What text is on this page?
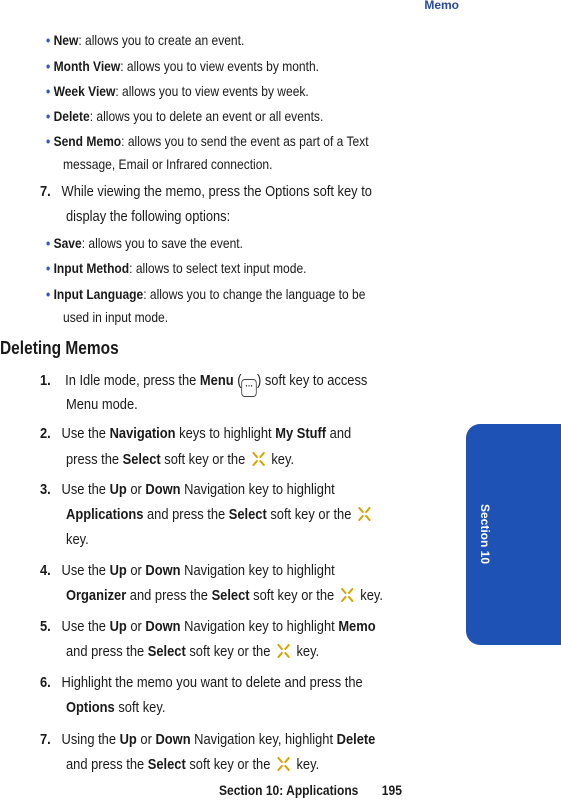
Memo
Section 10
• New: allows you to create an event.
• Month View: allows you to view events by month.
• Week View: allows you to view events by week.
• Delete: allows you to delete an event or all events.
• Send Memo: allows you to send the event as part of a Text
message, Email or Infrared connection.
7. While viewing the memo, press the Options soft key to
display the following options:
• Save: allows you to save the event.
• Input Method: allows to select text input mode.
• Input Language: allows you to change the language to be
used in input mode.
Deleting Memos
1.    In Idle mode, press the Menu ( ··· ) soft key to access
Menu mode.
2. Use the Navigation keys to highlight My Stuff and
press the Select soft key or the  key.
3. Use the Up or Down Navigation key to highlight
Applications and press the Select soft key or the
key.
4. Use the Up or Down Navigation key to highlight
Organizer and press the Select soft key or the  key.
5. Use the Up or Down Navigation key to highlight Memo
and press the Select soft key or the  key.
6. Highlight the memo you want to delete and press the
Options soft key.
7. Using the Up or Down Navigation key, highlight Delete
and press the Select soft key or the  key.
Section 10: Applications 195
